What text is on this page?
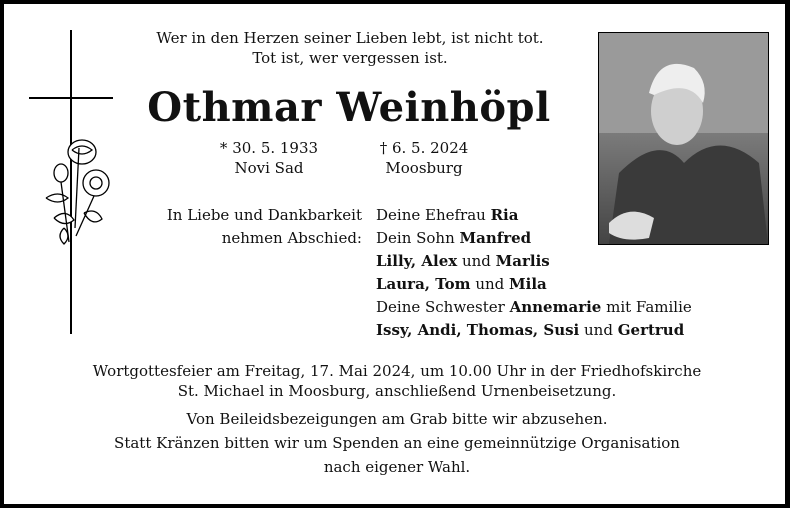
Wer in den Herzen seiner Lieben lebt, ist nicht tot.
Tot ist, wer vergessen ist.
Othmar Weinhöpl
* 30. 5. 1933
Novi Sad
† 6. 5. 2024
Moosburg
In Liebe und Dankbarkeit
nehmen Abschied:
Deine Ehefrau Ria
Dein Sohn Manfred
Lilly, Alex und Marlis
Laura, Tom und Mila
Deine Schwester Annemarie mit Familie
Issy, Andi, Thomas, Susi und Gertrud
Wortgottesfeier am Freitag, 17. Mai 2024, um 10.00 Uhr in der Friedhofskirche
St. Michael in Moosburg, anschließend Urnenbeisetzung.
Von Beileidsbezeigungen am Grab bitte wir abzusehen.
Statt Kränzen bitten wir um Spenden an eine gemeinnützige Organisation
nach eigener Wahl.
